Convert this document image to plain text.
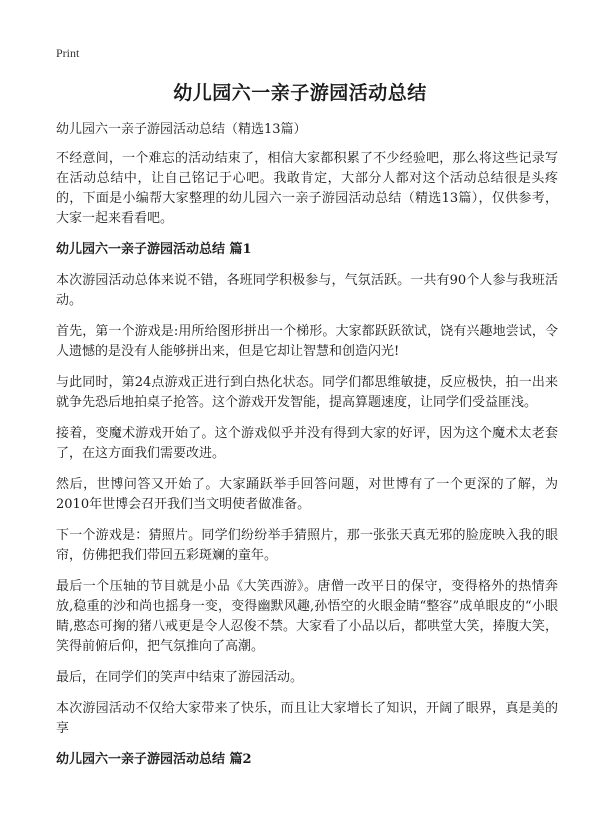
Print
幼儿园六一亲子游园活动总结

幼儿园六一亲子游园活动总结（精选13篇）

不经意间，一个难忘的活动结束了，相信大家都积累了不少经验吧，那么将这些记录写在活动总结中，让自己铭记于心吧。我敢肯定，大部分人都对这个活动总结很是头疼的，下面是小编帮大家整理的幼儿园六一亲子游园活动总结（精选13篇），仅供参考，大家一起来看看吧。

幼儿园六一亲子游园活动总结 篇1

本次游园活动总体来说不错，各班同学积极参与，气氛活跃。一共有90个人参与我班活动。

首先，第一个游戏是:用所给图形拼出一个梯形。大家都跃跃欲试，饶有兴趣地尝试，令人遗憾的是没有人能够拼出来，但是它却让智慧和创造闪光!

与此同时，第24点游戏正进行到白热化状态。同学们都思维敏捷，反应极快，拍一出来就争先恐后地拍桌子抢答。这个游戏开发智能，提高算题速度，让同学们受益匪浅。

接着，变魔术游戏开始了。这个游戏似乎并没有得到大家的好评，因为这个魔术太老套了，在这方面我们需要改进。

然后，世博问答又开始了。大家踊跃举手回答问题，对世博有了一个更深的了解，为2010年世博会召开我们当文明使者做准备。

下一个游戏是：猜照片。同学们纷纷举手猜照片，那一张张天真无邪的脸庞映入我的眼帘，仿佛把我们带回五彩斑斓的童年。

最后一个压轴的节目就是小品《大笑西游》。唐僧一改平日的保守，变得格外的热情奔放,稳重的沙和尚也摇身一变，变得幽默风趣,孙悟空的火眼金睛“整容”成单眼皮的“小眼睛,憨态可掬的猪八戒更是令人忍俊不禁。大家看了小品以后，都哄堂大笑，捧腹大笑，笑得前俯后仰，把气氛推向了高潮。

最后，在同学们的笑声中结束了游园活动。

本次游园活动不仅给大家带来了快乐，而且让大家增长了知识，开阔了眼界，真是美的享

幼儿园六一亲子游园活动总结 篇2
